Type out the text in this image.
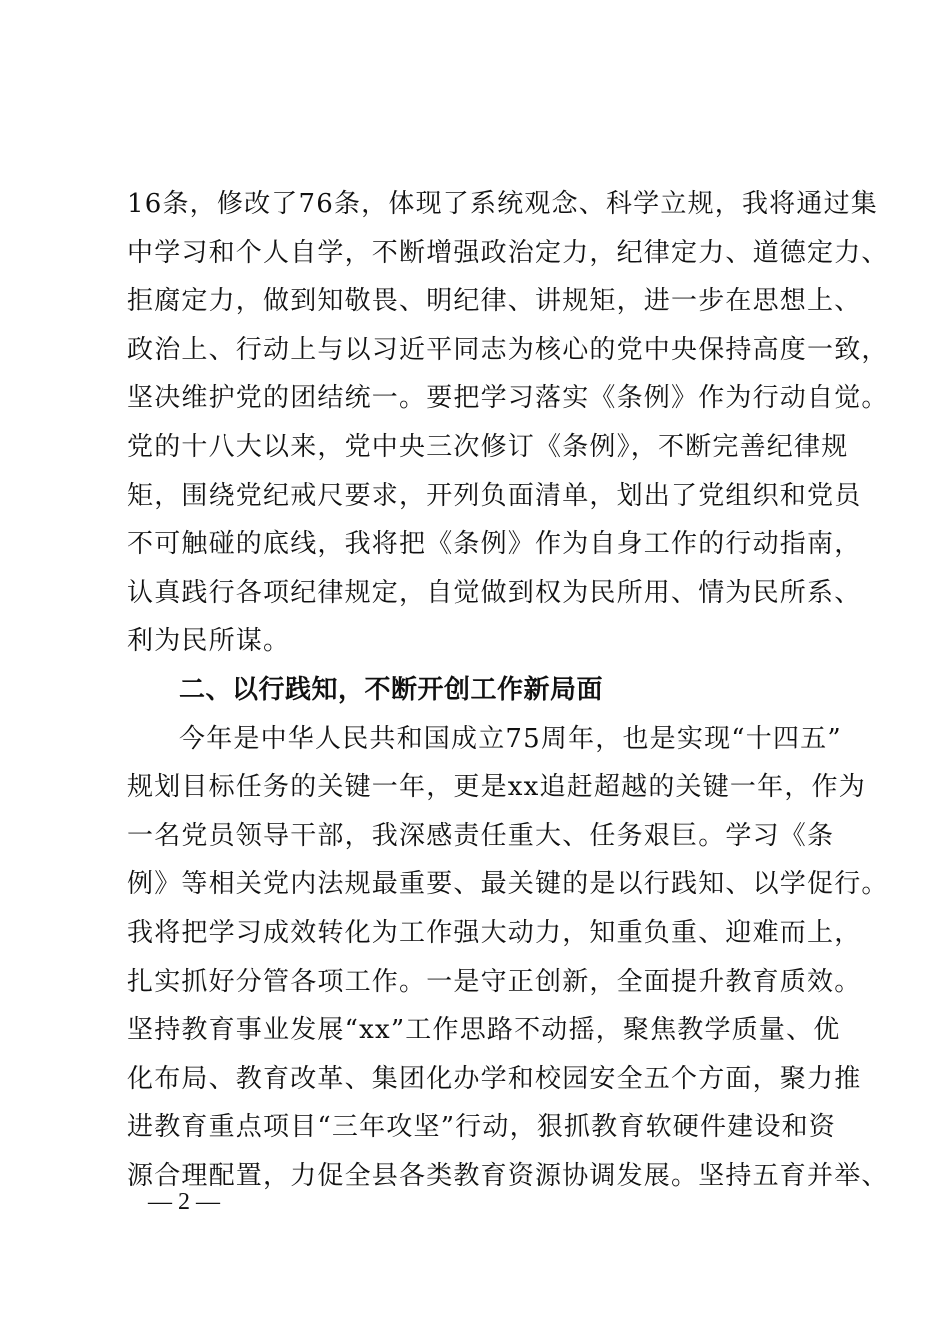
16条，修改了76条，体现了系统观念、科学立规，我将通过集
中学习和个人自学，不断增强政治定力，纪律定力、道德定力、
拒腐定力，做到知敬畏、明纪律、讲规矩，进一步在思想上、
政治上、行动上与以习近平同志为核心的党中央保持高度一致，
坚决维护党的团结统一。要把学习落实《条例》作为行动自觉。
党的十八大以来，党中央三次修订《条例》，不断完善纪律规
矩，围绕党纪戒尺要求，开列负面清单，划出了党组织和党员
不可触碰的底线，我将把《条例》作为自身工作的行动指南，
认真践行各项纪律规定，自觉做到权为民所用、情为民所系、
利为民所谋。
二、以行践知，不断开创工作新局面
今年是中华人民共和国成立75周年，也是实现“十四五”
规划目标任务的关键一年，更是xx追赶超越的关键一年，作为
一名党员领导干部，我深感责任重大、任务艰巨。学习《条
例》等相关党内法规最重要、最关键的是以行践知、以学促行。
我将把学习成效转化为工作强大动力，知重负重、迎难而上，
扎实抓好分管各项工作。一是守正创新，全面提升教育质效。
坚持教育事业发展“xx”工作思路不动摇，聚焦教学质量、优
化布局、教育改革、集团化办学和校园安全五个方面，聚力推
进教育重点项目“三年攻坚”行动，狠抓教育软硬件建设和资
源合理配置，力促全县各类教育资源协调发展。坚持五育并举、
— 2 —
